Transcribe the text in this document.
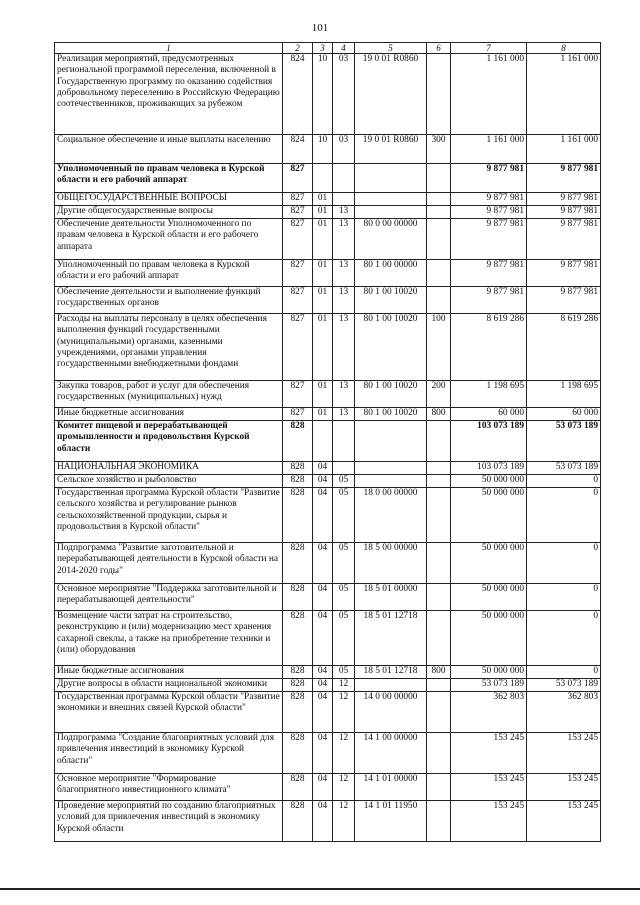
101
1	2	3	4	5	6	7	8
Реализация мероприятий, предусмотренных региональной программой переселения, включенной в Государственную программу по оказанию содействия добровольному переселению в Российскую Федерацию соотечественников, проживающих за рубежом	824	10	03	19 0 01 R0860		1 161 000	1 161 000
Социальное обеспечение и иные выплаты населению	824	10	03	19 0 01 R0860	300	1 161 000	1 161 000
Уполномоченный по правам человека в Курской области и его рабочий аппарат	827					9 877 981	9 877 981
ОБЩЕГОСУДАРСТВЕННЫЕ ВОПРОСЫ	827	01				9 877 981	9 877 981
Другие общегосударственные вопросы	827	01	13			9 877 981	9 877 981
Обеспечение деятельности Уполномоченного по правам человека в Курской области и его рабочего аппарата	827	01	13	80 0 00 00000		9 877 981	9 877 981
Уполномоченный по правам человека в Курской области и его рабочий аппарат	827	01	13	80 1 00 00000		9 877 981	9 877 981
Обеспечение деятельности и выполнение функций государственных органов	827	01	13	80 1 00 10020		9 877 981	9 877 981
Расходы на выплаты персоналу в целях обеспечения выполнения функций государственными (муниципальными) органами, казенными учреждениями, органами управления государственными внебюджетными фондами	827	01	13	80 1 00 10020	100	8 619 286	8 619 286
Закупка товаров, работ и услуг для обеспечения государственных (муниципальных) нужд	827	01	13	80 1 00 10020	200	1 198 695	1 198 695
Иные бюджетные ассигнования	827	01	13	80 1 00 10020	800	60 000	60 000
Комитет пищевой и перерабатывающей промышленности и продовольствия Курской области	828					103 073 189	53 073 189
НАЦИОНАЛЬНАЯ ЭКОНОМИКА	828	04				103 073 189	53 073 189
Сельское хозяйство и рыболовство	828	04	05			50 000 000	0
Государственная программа Курской области "Развитие сельского хозяйства и регулирование рынков сельскохозяйственной продукции, сырья и продовольствия в Курской области"	828	04	05	18 0 00 00000		50 000 000	0
Подпрограмма "Развитие заготовительной и перерабатывающей деятельности в Курской области на 2014-2020 годы"	828	04	05	18 5 00 00000		50 000 000	0
Основное мероприятие "Поддержка заготовительной и перерабатывающей деятельности"	828	04	05	18 5 01 00000		50 000 000	0
Возмещение части затрат на строительство, реконструкцию и (или) модернизацию мест хранения сахарной свеклы, а также на приобретение техники и (или) оборудования	828	04	05	18 5 01 12718		50 000 000	0
Иные бюджетные ассигнования	828	04	05	18 5 01 12718	800	50 000 000	0
Другие вопросы в области национальной экономики	828	04	12			53 073 189	53 073 189
Государственная программа Курской области "Развитие экономики и внешних связей Курской области"	828	04	12	14 0 00 00000		362 803	362 803
Подпрограмма "Создание благоприятных условий для привлечения инвестиций в экономику Курской области"	828	04	12	14 1 00 00000		153 245	153 245
Основное мероприятие "Формирование благоприятного инвестиционного климата"	828	04	12	14 1 01 00000		153 245	153 245
Проведение мероприятий по созданию благоприятных условий для привлечения инвестиций в экономику Курской области	828	04	12	14 1 01 11950		153 245	153 245
